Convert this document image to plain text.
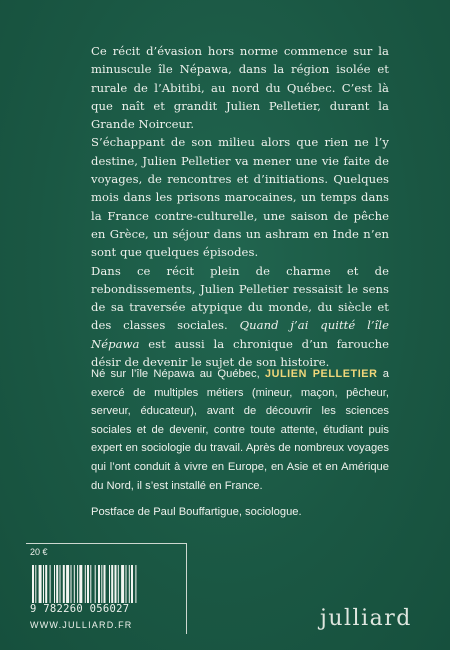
Ce récit d’évasion hors norme commence sur la minuscule île Népawa, dans la région isolée et rurale de l’Abitibi, au nord du Québec. C’est là que naît et grandit Julien Pelletier, durant la Grande Noirceur.

S’échappant de son milieu alors que rien ne l’y destine, Julien Pelletier va mener une vie faite de voyages, de rencontres et d’initiations. Quelques mois dans les prisons marocaines, un temps dans la France contre-culturelle, une saison de pêche en Grèce, un séjour dans un ashram en Inde n’en sont que quelques épisodes.

Dans ce récit plein de charme et de rebondissements, Julien Pelletier ressaisit le sens de sa traversée atypique du monde, du siècle et des classes sociales. Quand j’ai quitté l’île Népawa est aussi la chronique d’un farouche désir de devenir le sujet de son histoire.

Né sur l’île Népawa au Québec, JULIEN PELLETIER a exercé de multiples métiers (mineur, maçon, pêcheur, serveur, éducateur), avant de découvrir les sciences sociales et de devenir, contre toute attente, étudiant puis expert en sociologie du travail. Après de nombreux voyages qui l’ont conduit à vivre en Europe, en Asie et en Amérique du Nord, il s’est installé en France.

Postface de Paul Bouffartigue, sociologue.
20 €
9 782260 056027
WWW.JULLIARD.FR	julliard
